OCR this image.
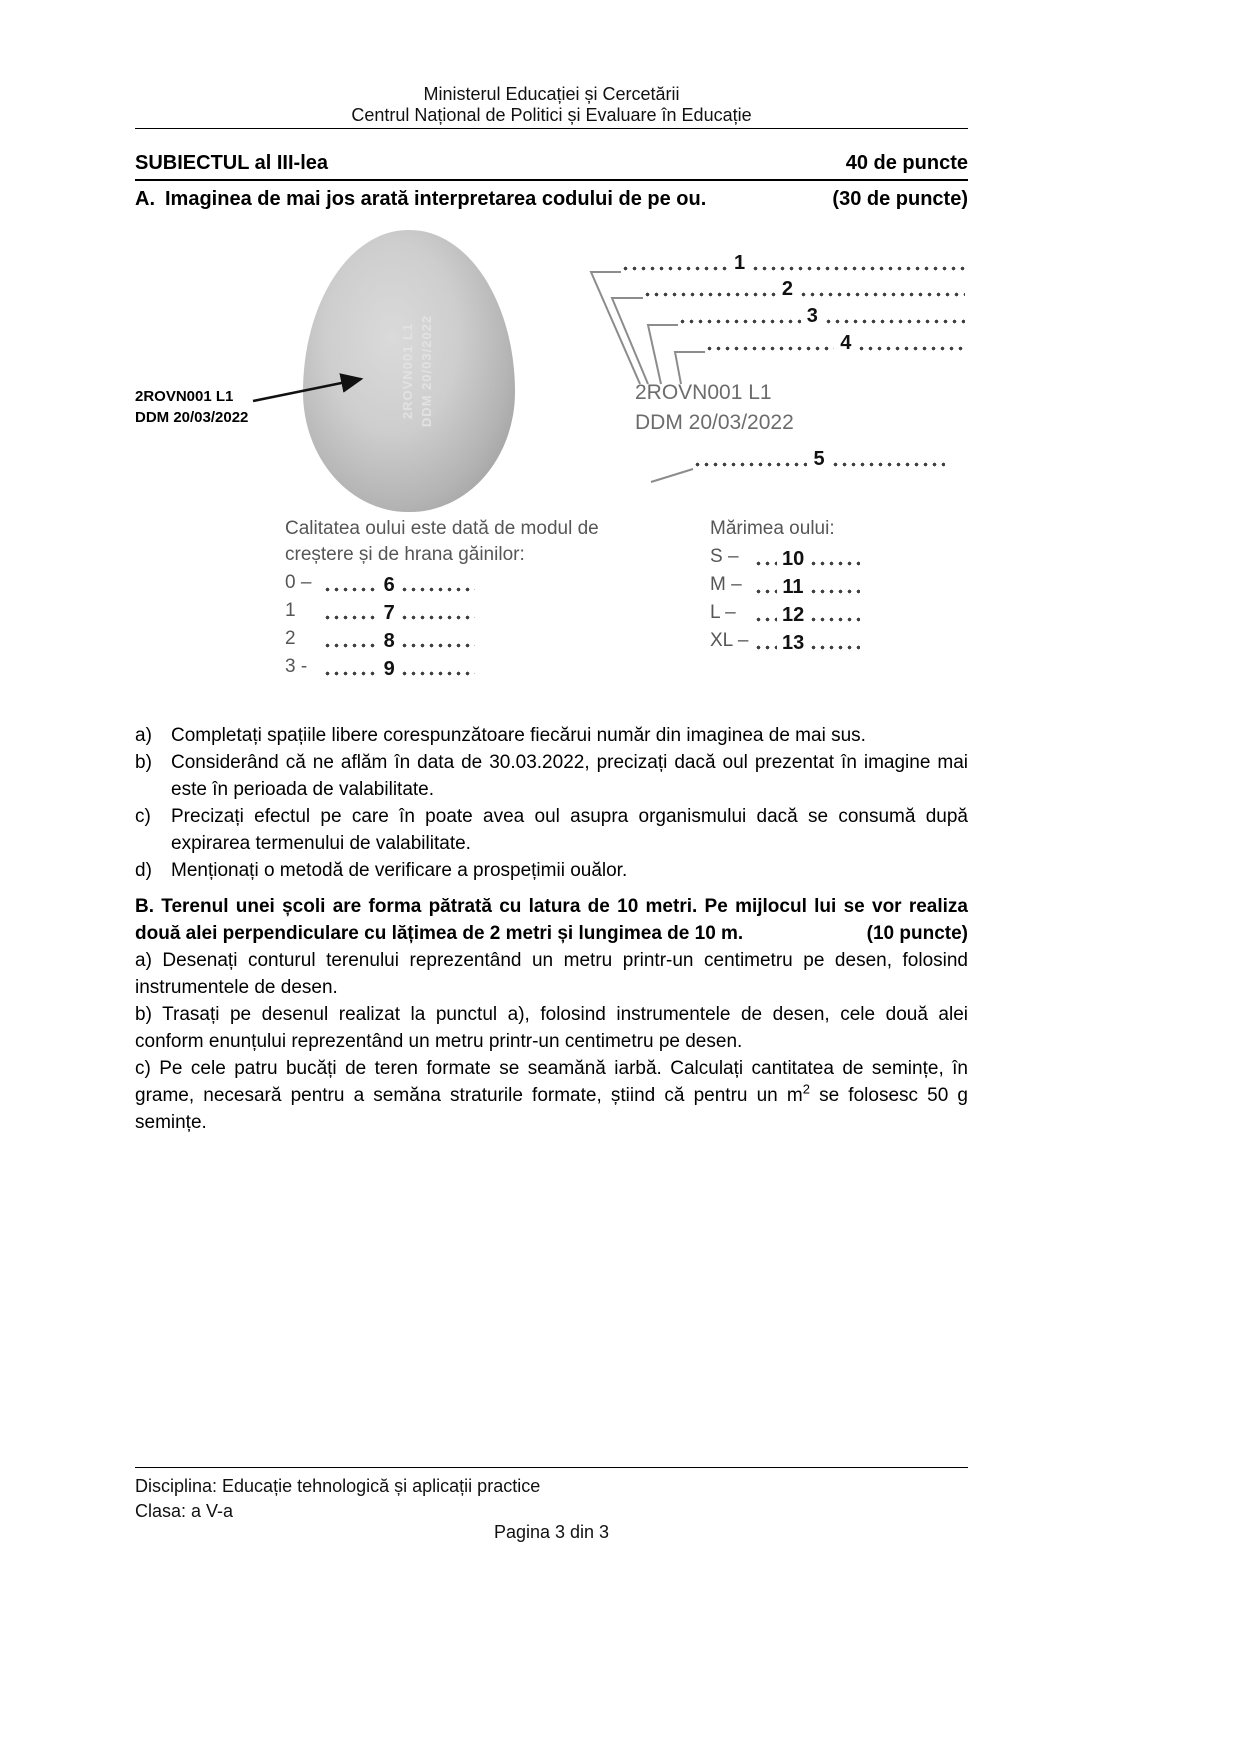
Ministerul Educației și Cercetării
Centrul Național de Politici și Evaluare în Educație
SUBIECTUL al III-lea	40 de puncte
A. Imaginea de mai jos arată interpretarea codului de pe ou.	(30 de puncte)
2ROVN001 L1 DDM 20/03/2022
2ROVN001 L1
DDM 20/03/2022
1
2
3
4
5
2ROVN001 L1
DDM 20/03/2022
Calitatea oului este dată de modul de
creștere și de hrana găinilor:
0 –	6
1	7
2	8
3 -	9
Mărimea oului:
S –	10
M –	11
L –	12
XL – 13
a)	Completați spațiile libere corespunzătoare fiecărui număr din imaginea de mai sus.
b)	Considerând că ne aflăm în data de 30.03.2022, precizați dacă oul prezentat în imagine mai este în perioada de valabilitate.
c)	Precizați efectul pe care în poate avea oul asupra organismului dacă se consumă după expirarea termenului de valabilitate.
d)	Menționați o metodă de verificare a prospețimii ouălor.

B. Terenul unei școli are forma pătrată cu latura de 10 metri. Pe mijlocul lui se vor realiza două alei perpendiculare cu lățimea de 2 metri și lungimea de 10 m.	(10 puncte)

a) Desenați conturul terenului reprezentând un metru printr-un centimetru pe desen, folosind instrumentele de desen.

b) Trasați pe desenul realizat la punctul a), folosind instrumentele de desen, cele două alei conform enunțului reprezentând un metru printr-un centimetru pe desen.

c) Pe cele patru bucăți de teren formate se seamănă iarbă. Calculați cantitatea de semințe, în grame, necesară pentru a semăna straturile formate, știind că pentru un $m^2$ se folosesc 50 g semințe.

Disciplina: Educație tehnologică și aplicații practice
Clasa: a V-a
Pagina 3 din 3
